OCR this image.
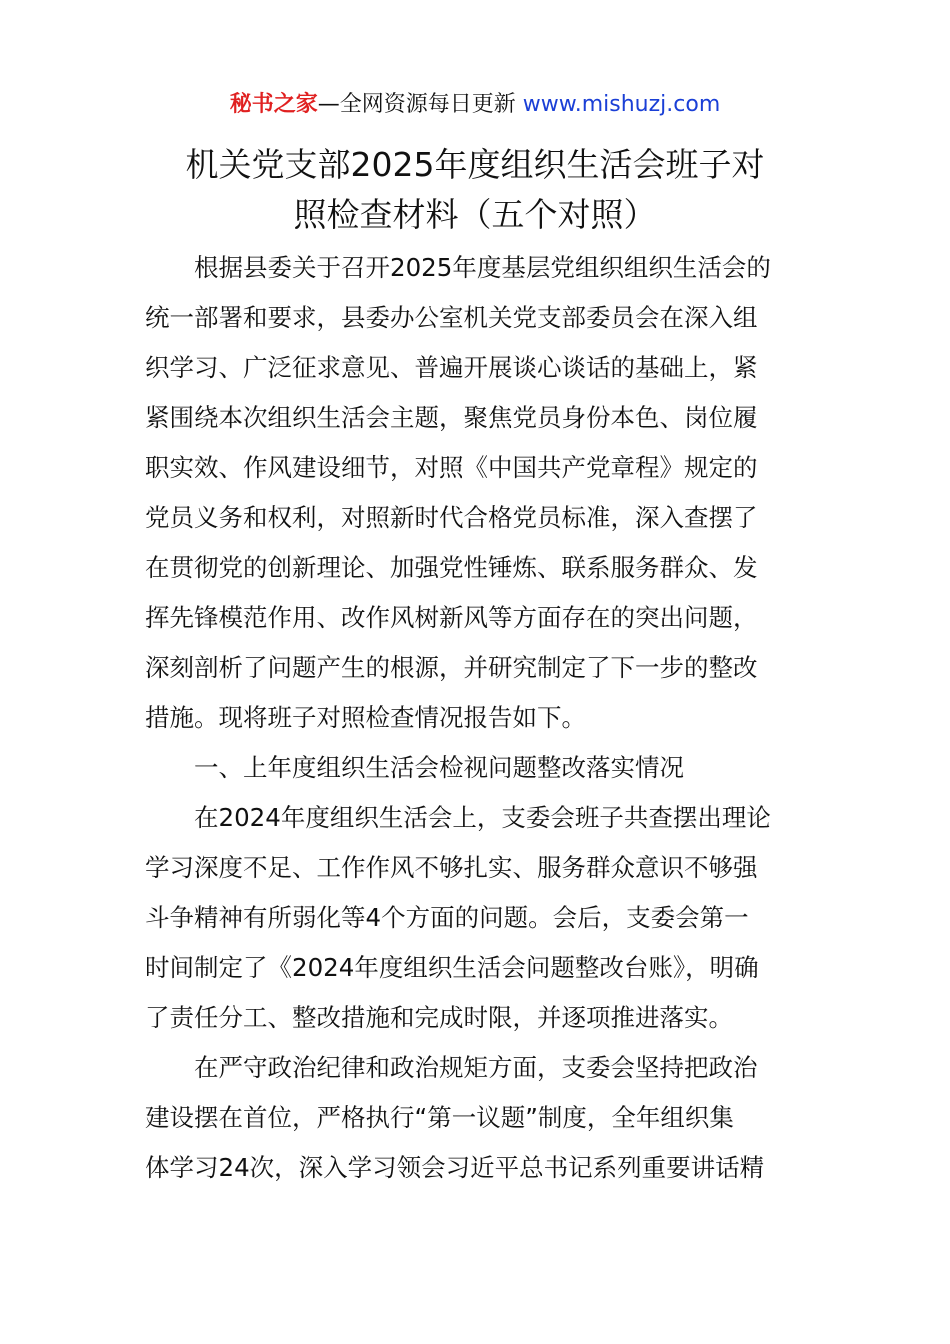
秘书之家—全网资源每日更新 www.mishuzj.com
机关党支部2025年度组织生活会班子对
照检查材料（五个对照）
根据县委关于召开2025年度基层党组织组织生活会的
统一部署和要求，县委办公室机关党支部委员会在深入组
织学习、广泛征求意见、普遍开展谈心谈话的基础上，紧
紧围绕本次组织生活会主题，聚焦党员身份本色、岗位履
职实效、作风建设细节，对照《中国共产党章程》规定的
党员义务和权利，对照新时代合格党员标准，深入查摆了
在贯彻党的创新理论、加强党性锤炼、联系服务群众、发
挥先锋模范作用、改作风树新风等方面存在的突出问题，
深刻剖析了问题产生的根源，并研究制定了下一步的整改
措施。现将班子对照检查情况报告如下。
一、上年度组织生活会检视问题整改落实情况
在2024年度组织生活会上，支委会班子共查摆出理论
学习深度不足、工作作风不够扎实、服务群众意识不够强
斗争精神有所弱化等4个方面的问题。会后，支委会第一
时间制定了《2024年度组织生活会问题整改台账》，明确
了责任分工、整改措施和完成时限，并逐项推进落实。
在严守政治纪律和政治规矩方面，支委会坚持把政治
建设摆在首位，严格执行“第一议题”制度，全年组织集
体学习24次，深入学习领会习近平总书记系列重要讲话精
